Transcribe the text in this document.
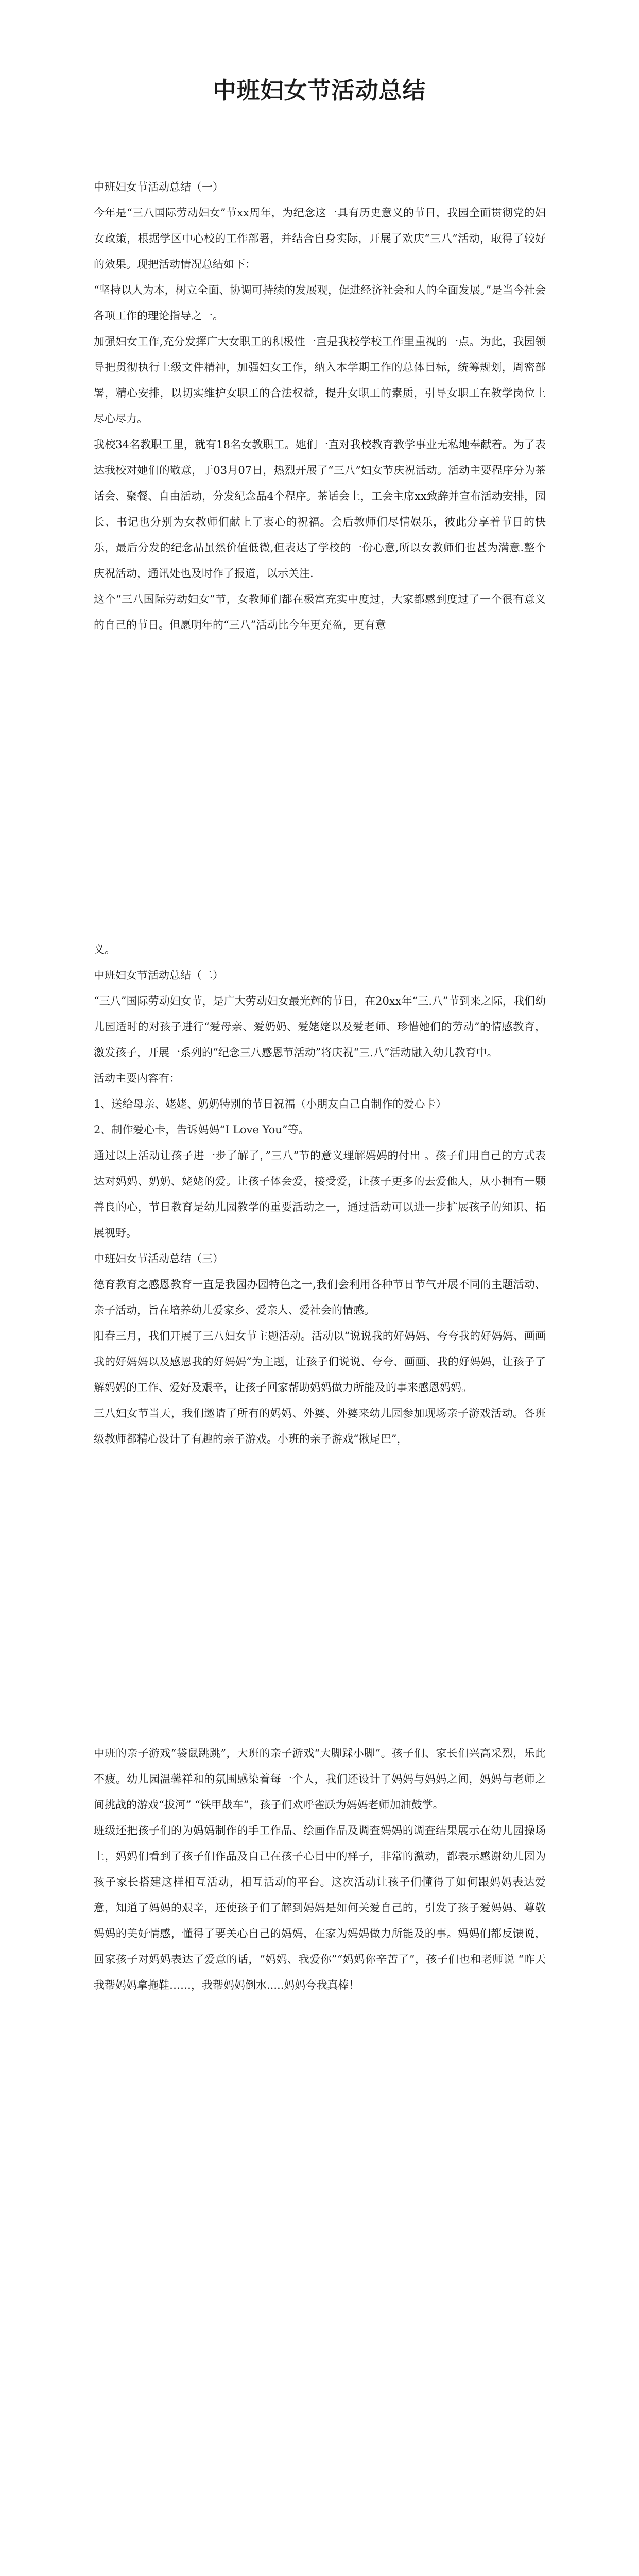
中班妇女节活动总结

中班妇女节活动总结（一）

今年是“三八国际劳动妇女”节xx周年，为纪念这一具有历史意义的节日，我园全面贯彻党的妇女政策，根据学区中心校的工作部署，并结合自身实际，开展了欢庆“三八”活动，取得了较好的效果。现把活动情况总结如下：

“坚持以人为本，树立全面、协调可持续的发展观，促进经济社会和人的全面发展。”是当今社会各项工作的理论指导之一。

加强妇女工作,充分发挥广大女职工的积极性一直是我校学校工作里重视的一点。为此，我园领导把贯彻执行上级文件精神，加强妇女工作，纳入本学期工作的总体目标，统筹规划，周密部署，精心安排，以切实维护女职工的合法权益，提升女职工的素质，引导女职工在教学岗位上尽心尽力。

我校34名教职工里，就有18名女教职工。她们一直对我校教育教学事业无私地奉献着。为了表达我校对她们的敬意，于03月07日，热烈开展了“三八”妇女节庆祝活动。活动主要程序分为茶话会、聚餐、自由活动，分发纪念品4个程序。茶话会上，工会主席xx致辞并宣布活动安排，园长、书记也分别为女教师们献上了衷心的祝福。会后教师们尽情娱乐，彼此分享着节日的快乐，最后分发的纪念品虽然价值低微,但表达了学校的一份心意,所以女教师们也甚为满意.整个庆祝活动，通讯处也及时作了报道，以示关注.

这个“三八国际劳动妇女”节，女教师们都在极富充实中度过，大家都感到度过了一个很有意义的自己的节日。但愿明年的“三八”活动比今年更充盈，更有意

义。

中班妇女节活动总结（二）

“三八”国际劳动妇女节，是广大劳动妇女最光辉的节日，在20xx年“三.八”节到来之际，我们幼儿园适时的对孩子进行“爱母亲、爱奶奶、爱姥姥以及爱老师、珍惜她们的劳动”的情感教育，激发孩子，开展一系列的“纪念三八感恩节活动”将庆祝“三.八”活动融入幼儿教育中。

活动主要内容有：

1、送给母亲、姥姥、奶奶特别的节日祝福（小朋友自己自制作的爱心卡）

2、制作爱心卡，告诉妈妈“I Love You”等。

通过以上活动让孩子进一步了解了，”三八“节的意义理解妈妈的付出 。孩子们用自己的方式表达对妈妈、奶奶、姥姥的爱。让孩子体会爱，接受爱，让孩子更多的去爱他人，从小拥有一颗善良的心，节日教育是幼儿园教学的重要活动之一，通过活动可以进一步扩展孩子的知识、拓展视野。

中班妇女节活动总结（三）

德育教育之感恩教育一直是我园办园特色之一,我们会利用各种节日节气开展不同的主题活动、亲子活动，旨在培养幼儿爱家乡、爱亲人、爱社会的情感。

阳春三月，我们开展了三八妇女节主题活动。活动以“说说我的好妈妈、夸夸我的好妈妈、画画我的好妈妈以及感恩我的好妈妈”为主题，让孩子们说说、夸夸、画画、我的好妈妈，让孩子了解妈妈的工作、爱好及艰辛，让孩子回家帮助妈妈做力所能及的事来感恩妈妈。

三八妇女节当天，我们邀请了所有的妈妈、外婆、外婆来幼儿园参加现场亲子游戏活动。各班级教师都精心设计了有趣的亲子游戏。小班的亲子游戏“揪尾巴”，

中班的亲子游戏“袋鼠跳跳”，大班的亲子游戏“大脚踩小脚”。孩子们、家长们兴高采烈，乐此不疲。幼儿园温馨祥和的氛围感染着每一个人，我们还设计了妈妈与妈妈之间，妈妈与老师之间挑战的游戏“拔河” “铁甲战车”，孩子们欢呼雀跃为妈妈老师加油鼓掌。

班级还把孩子们的为妈妈制作的手工作品、绘画作品及调查妈妈的调查结果展示在幼儿园操场上，妈妈们看到了孩子们作品及自己在孩子心目中的样子，非常的激动，都表示感谢幼儿园为孩子家长搭建这样相互活动，相互活动的平台。这次活动让孩子们懂得了如何跟妈妈表达爱意，知道了妈妈的艰辛，还使孩子们了解到妈妈是如何关爱自己的，引发了孩子爱妈妈、尊敬妈妈的美好情感，懂得了要关心自己的妈妈，在家为妈妈做力所能及的事。妈妈们都反馈说，回家孩子对妈妈表达了爱意的话，“妈妈、我爱你”“妈妈你辛苦了”，孩子们也和老师说 “昨天我帮妈妈拿拖鞋……，我帮妈妈倒水.....妈妈夸我真棒！
